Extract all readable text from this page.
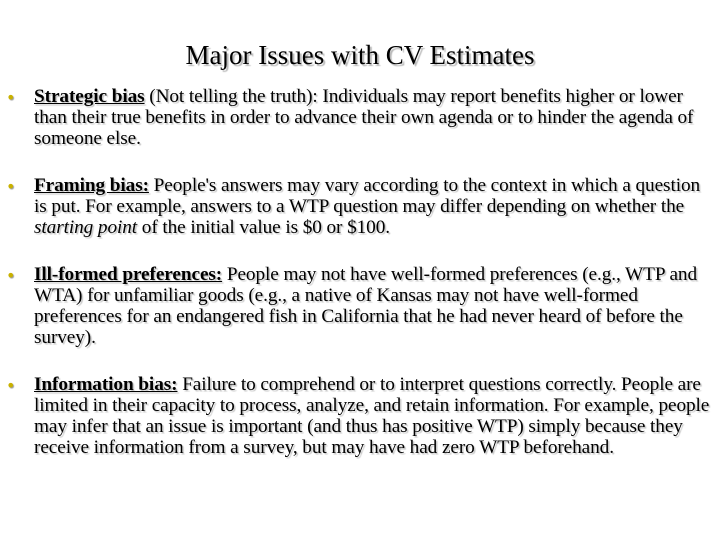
Major Issues with CV Estimates
• Strategic bias (Not telling the truth): Individuals may report benefits higher or lower than their true benefits in order to advance their own agenda or to hinder the agenda of someone else.
• Framing bias: People's answers may vary according to the context in which a question is put. For example, answers to a WTP question may differ depending on whether the starting point of the initial value is $0 or $100.
• Ill-formed preferences: People may not have well-formed preferences (e.g., WTP and WTA) for unfamiliar goods (e.g., a native of Kansas may not have well-formed preferences for an endangered fish in California that he had never heard of before the survey).
• Information bias: Failure to comprehend or to interpret questions correctly. People are limited in their capacity to process, analyze, and retain information. For example, people may infer that an issue is important (and thus has positive WTP) simply because they receive information from a survey, but may have had zero WTP beforehand.
